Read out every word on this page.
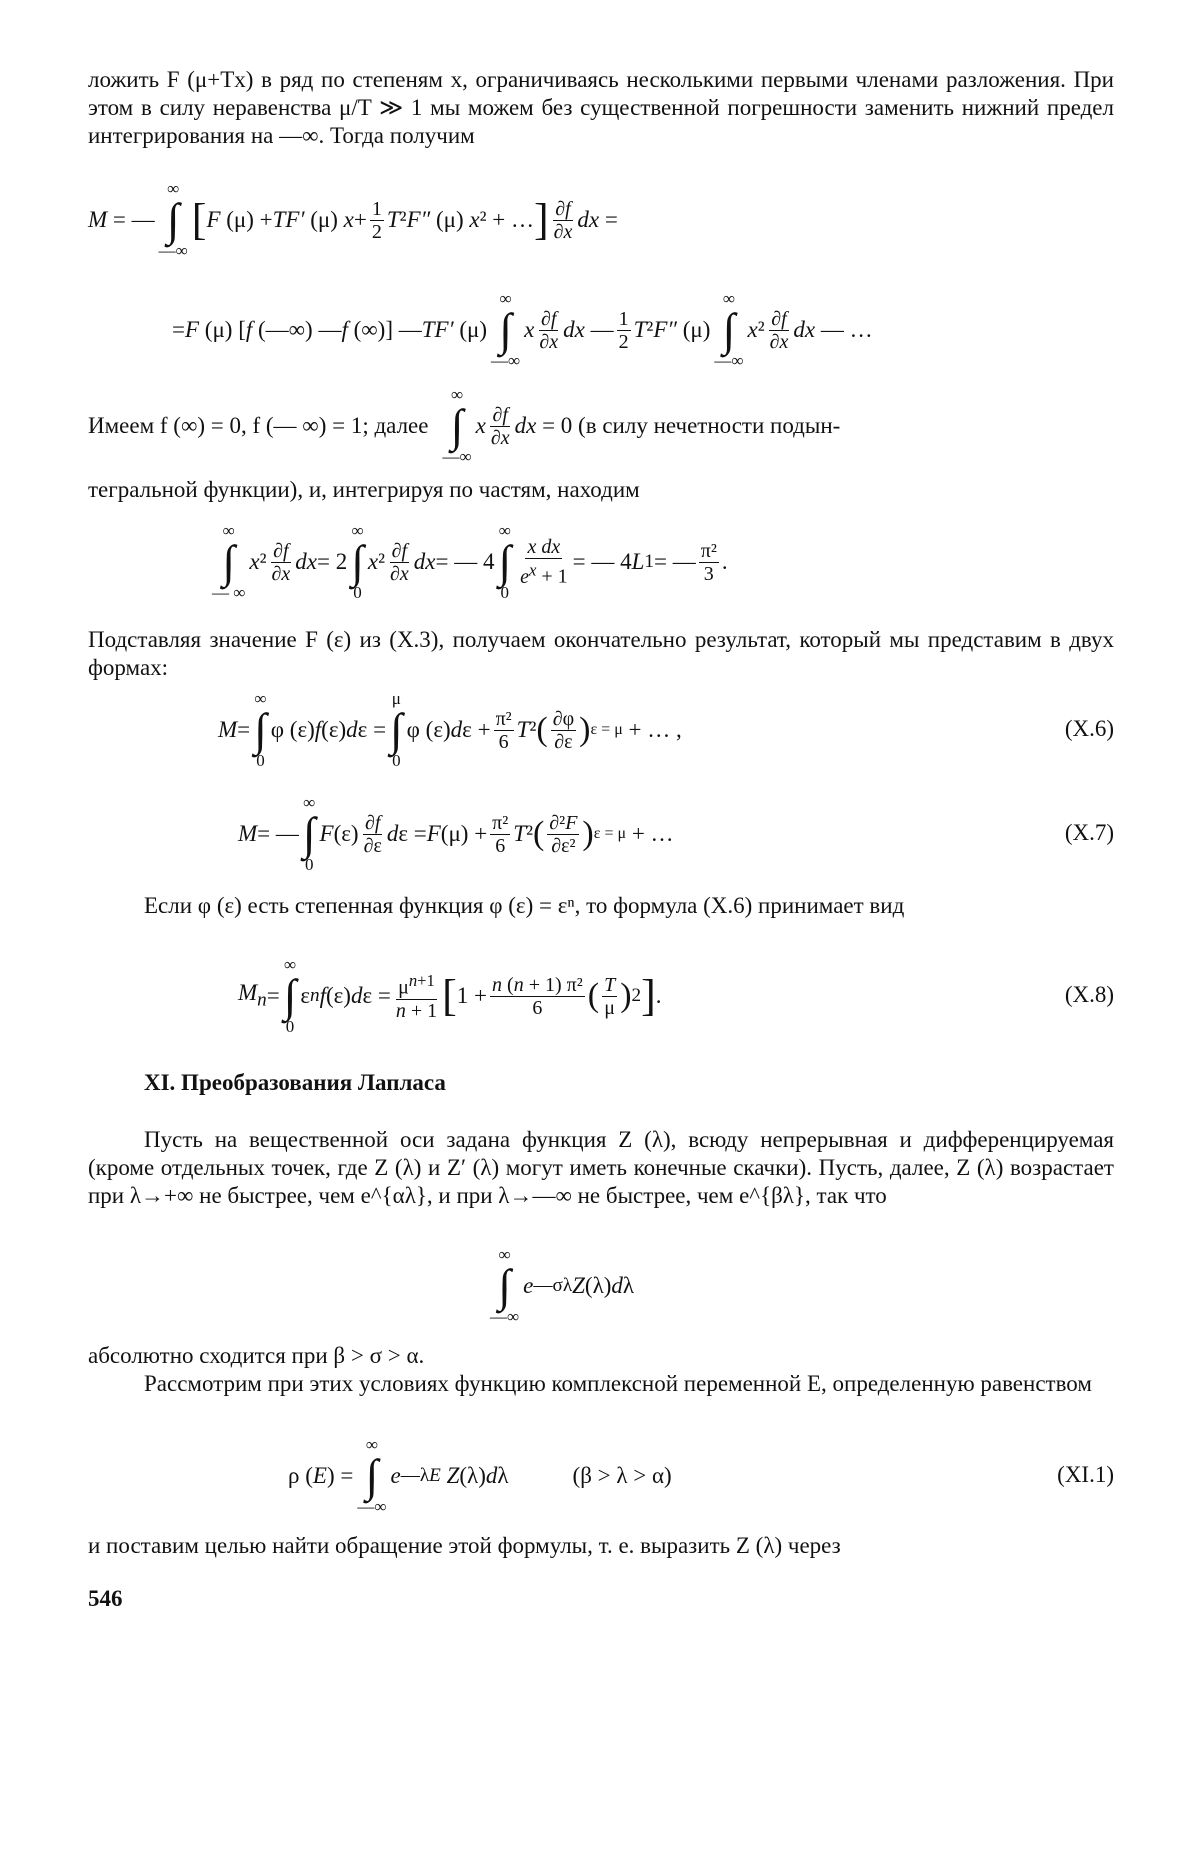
ложить F (μ+Tx) в ряд по степеням x, ограничиваясь несколькими первыми членами разложения. При этом в силу неравенства μ/T ≫ 1 мы можем без существенной погрешности заменить нижний предел интегрирования на —∞. Тогда получим
M = —
∞
∫
—∞
[ F (μ) + TF′ (μ) $x + \frac{1}{2}$ T ² F″ (μ) x ² + … ] $\frac{\partial f}{\partial x}$ dx =
= F (μ) [ f (—∞) — f (∞)] — TF′ (μ)
∞
∫
—∞
x $\frac{\partial f}{\partial x}$ dx — $\frac{1}{2}$ T ² F″ (μ)
∞
∫
—∞
x $^2 \frac{\partial f}{\partial x}$ dx — …
Имеем f (∞) = 0, f (— ∞) = 1; далее
∞
∫
—∞
x $\frac{\partial f}{\partial x}$ dx
= 0 (в силу нечетности подын-
тегральной функции), и, интегрируя по частям, находим
∞
∫
— ∞
x $^2 \frac{\partial f}{\partial x}$ dx = 2
∞
∫
0
x $^2 \frac{\partial f}{\partial x}$ dx = — 4
∞
∫
0
$\frac{\text{x dx}}{e^x + 1}$ = — 4 L 1 = — $\frac{\text{π²}}{3}$ .
Подставляя значение F (ε) из (X.3), получаем окончательно результат, который мы представим в двух формах:
M =
∞
∫
0
φ (ε) f (ε) d ε =
μ
∫
0
φ (ε) d $\varepsilon + \frac{\text{π²}}{6}$ T ² ( $\frac{\partial\varphi}{\partial\varepsilon}$ ) ε = μ + … ,	(X.6)
M = —
∞
∫
0
F $(\varepsilon) \frac{\partial f}{\partial\varepsilon}$ d ε = F $(\mu) + \frac{\text{π²}}{6}$ T ² ( $\frac{\text{∂²F}}{\text{∂ε²}}$ ) ε = μ + …	(X.7)
Если φ (ε) есть степенная функция φ (ε) = εⁿ, то формула (X.6) принимает вид
$M_n$ =
∞
∫
0
ε n f (ε) d $\varepsilon = \frac{\mu^{n+1}}{n + 1}$ [ $1 + \frac{\text{n (n + 1) π²}}{6}$ ( $\frac{T}{\mu}$ ) 2 ] .	(X.8)
XI. Преобразования Лапласа
Пусть на вещественной оси задана функция Z (λ), всюду непрерывная и дифференцируемая (кроме отдельных точек, где Z (λ) и Z′ (λ) могут иметь конечные скачки). Пусть, далее, Z (λ) возрастает при λ→+∞ не быстрее, чем e^{αλ}, и при λ→—∞ не быстрее, чем e^{βλ}, так что
∞
∫
—∞
e —σλ Z (λ) d λ
абсолютно сходится при β > σ > α.
Рассмотрим при этих условиях функцию комплексной переменной E, определенную равенством
ρ ( E ) =
∞
∫
—∞
e —λE
Z (λ) d λ	(β > λ > α)	(XI.1)
и поставим целью найти обращение этой формулы, т. е. выразить Z (λ) через
546
